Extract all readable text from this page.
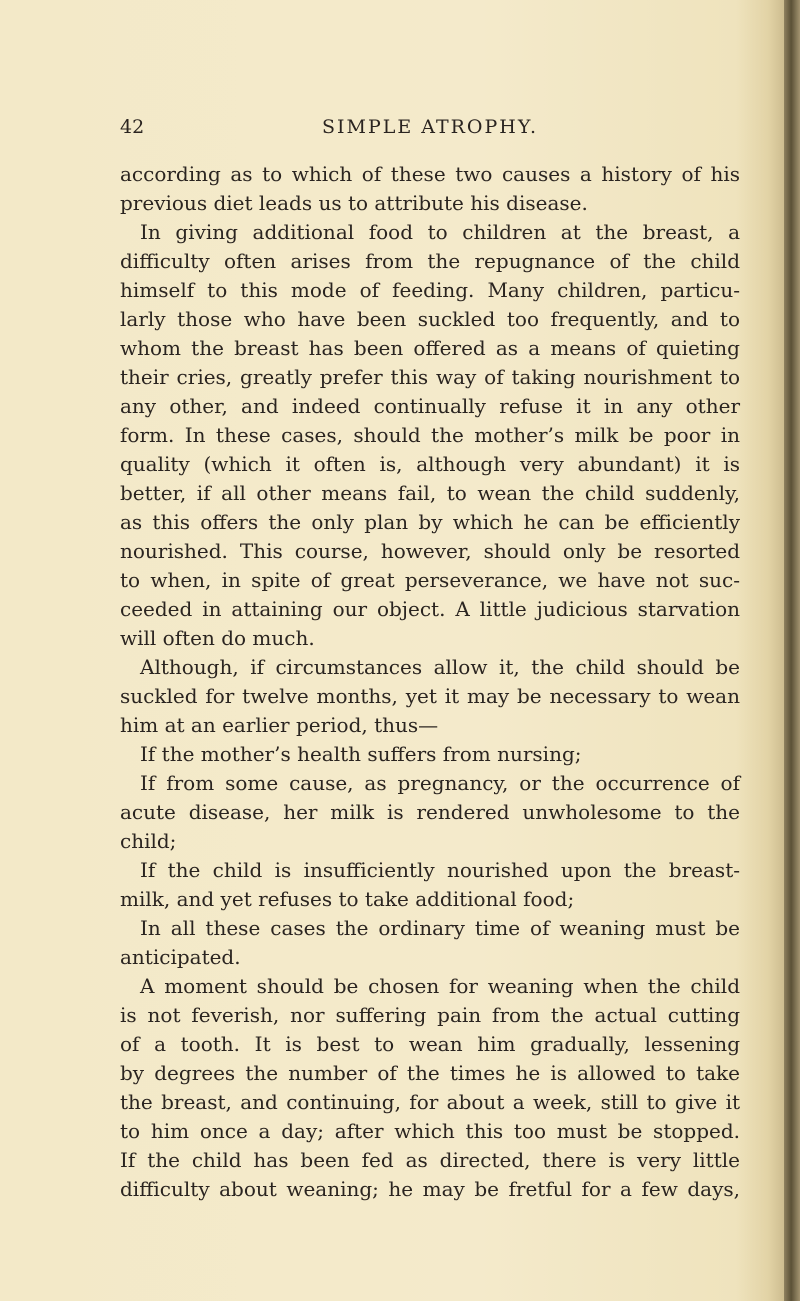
42	SIMPLE ATROPHY.
according as to which of these two causes a history of his
previous diet leads us to attribute his disease.
In giving additional food to children at the breast, a
difficulty often arises from the repugnance of the child
himself to this mode of feeding. Many children, particu-
larly those who have been suckled too frequently, and to
whom the breast has been offered as a means of quieting
their cries, greatly prefer this way of taking nourishment to
any other, and indeed continually refuse it in any other
form. In these cases, should the mother’s milk be poor in
quality (which it often is, although very abundant) it is
better, if all other means fail, to wean the child suddenly,
as this offers the only plan by which he can be efficiently
nourished. This course, however, should only be resorted
to when, in spite of great perseverance, we have not suc-
ceeded in attaining our object. A little judicious starvation
will often do much.
Although, if circumstances allow it, the child should be
suckled for twelve months, yet it may be necessary to wean
him at an earlier period, thus—
If the mother’s health suffers from nursing;
If from some cause, as pregnancy, or the occurrence of
acute disease, her milk is rendered unwholesome to the
child;
If the child is insufficiently nourished upon the breast-
milk, and yet refuses to take additional food;
In all these cases the ordinary time of weaning must be
anticipated.
A moment should be chosen for weaning when the child
is not feverish, nor suffering pain from the actual cutting
of a tooth. It is best to wean him gradually, lessening
by degrees the number of the times he is allowed to take
the breast, and continuing, for about a week, still to give it
to him once a day; after which this too must be stopped.
If the child has been fed as directed, there is very little
difficulty about weaning; he may be fretful for a few days,
